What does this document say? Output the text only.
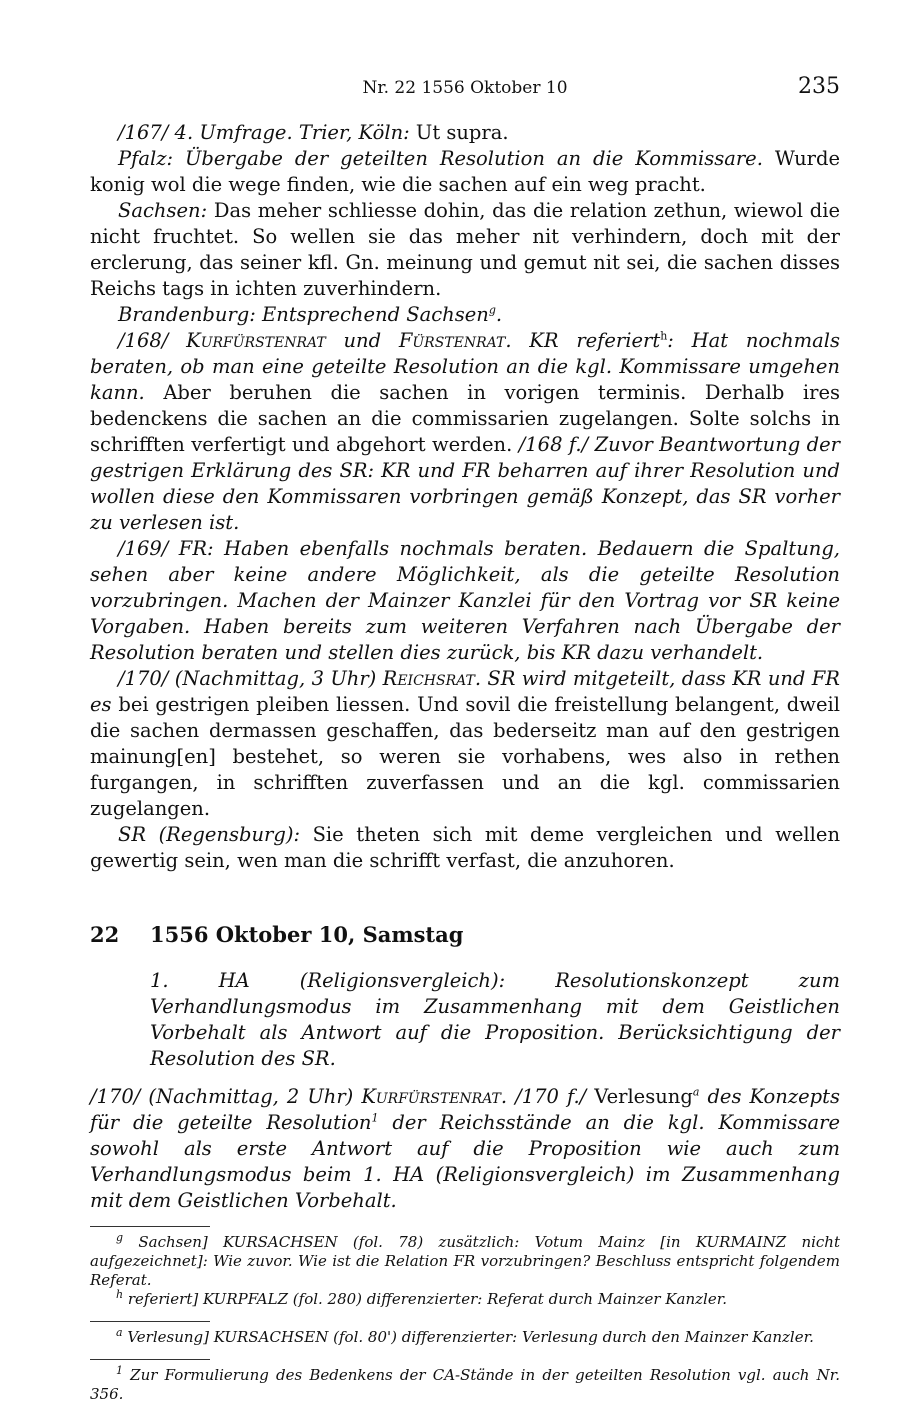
Nr. 22 1556 Oktober 10	235

/167/ 4. Umfrage. Trier, Köln: Ut supra.

Pfalz: Übergabe der geteilten Resolution an die Kommissare. Wurde konig wol die wege finden, wie die sachen auf ein weg pracht.

Sachsen: Das meher schliesse dohin, das die relation zethun, wiewol die nicht fruchtet. So wellen sie das meher nit verhindern, doch mit der erclerung, das seiner kfl. Gn. meinung und gemut nit sei, die sachen disses Reichs tags in ichten zuverhindern.

Brandenburg: Entsprechend Sachsen$^g$.

/168/ Kurfürstenrat und Fürstenrat. KR referiert$^h$: Hat nochmals beraten, ob man eine geteilte Resolution an die kgl. Kommissare umgehen kann. Aber beruhen die sachen in vorigen terminis. Derhalb ires bedenckens die sachen an die commissarien zugelangen. Solte solchs in schrifften verfertigt und abgehort werden. /168 f./ Zuvor Beantwortung der gestrigen Erklärung des SR: KR und FR beharren auf ihrer Resolution und wollen diese den Kommissaren vorbringen gemäß Konzept, das SR vorher zu verlesen ist.

/169/ FR: Haben ebenfalls nochmals beraten. Bedauern die Spaltung, sehen aber keine andere Möglichkeit, als die geteilte Resolution vorzubringen. Machen der Mainzer Kanzlei für den Vortrag vor SR keine Vorgaben. Haben bereits zum weiteren Verfahren nach Übergabe der Resolution beraten und stellen dies zurück, bis KR dazu verhandelt.

/170/ (Nachmittag, 3 Uhr) Reichsrat. SR wird mitgeteilt, dass KR und FR es bei gestrigen pleiben liessen. Und sovil die freistellung belangent, dweil die sachen dermassen geschaffen, das bederseitz man auf den gestrigen mainung[en] bestehet, so weren sie vorhabens, wes also in rethen furgangen, in schrifften zuverfassen und an die kgl. commissarien zugelangen.

SR (Regensburg): Sie theten sich mit deme vergleichen und wellen gewertig sein, wen man die schrifft verfast, die anzuhoren.

22 1556 Oktober 10, Samstag
1. HA (Religionsvergleich): Resolutionskonzept zum Verhandlungsmodus im Zusammenhang mit dem Geistlichen Vorbehalt als Antwort auf die Proposition. Berücksichtigung der Resolution des SR.
/170/ (Nachmittag, 2 Uhr) Kurfürstenrat. /170 f./ Verlesung$^a$ des Konzepts für die geteilte Resolution$^1$ der Reichsstände an die kgl. Kommissare sowohl als erste Antwort auf die Proposition wie auch zum Verhandlungsmodus beim 1. HA (Religionsvergleich) im Zusammenhang mit dem Geistlichen Vorbehalt.

$^g$ Sachsen] KURSACHSEN (fol. 78) zusätzlich: Votum Mainz [in KURMAINZ nicht aufgezeichnet]: Wie zuvor. Wie ist die Relation FR vorzubringen? Beschluss entspricht folgendem Referat.

$^h$ referiert] KURPFALZ (fol. 280) differenzierter: Referat durch Mainzer Kanzler.

$^a$ Verlesung] KURSACHSEN (fol. 80') differenzierter: Verlesung durch den Mainzer Kanzler.

$^1$ Zur Formulierung des Bedenkens der CA-Stände in der geteilten Resolution vgl. auch Nr. 356.
